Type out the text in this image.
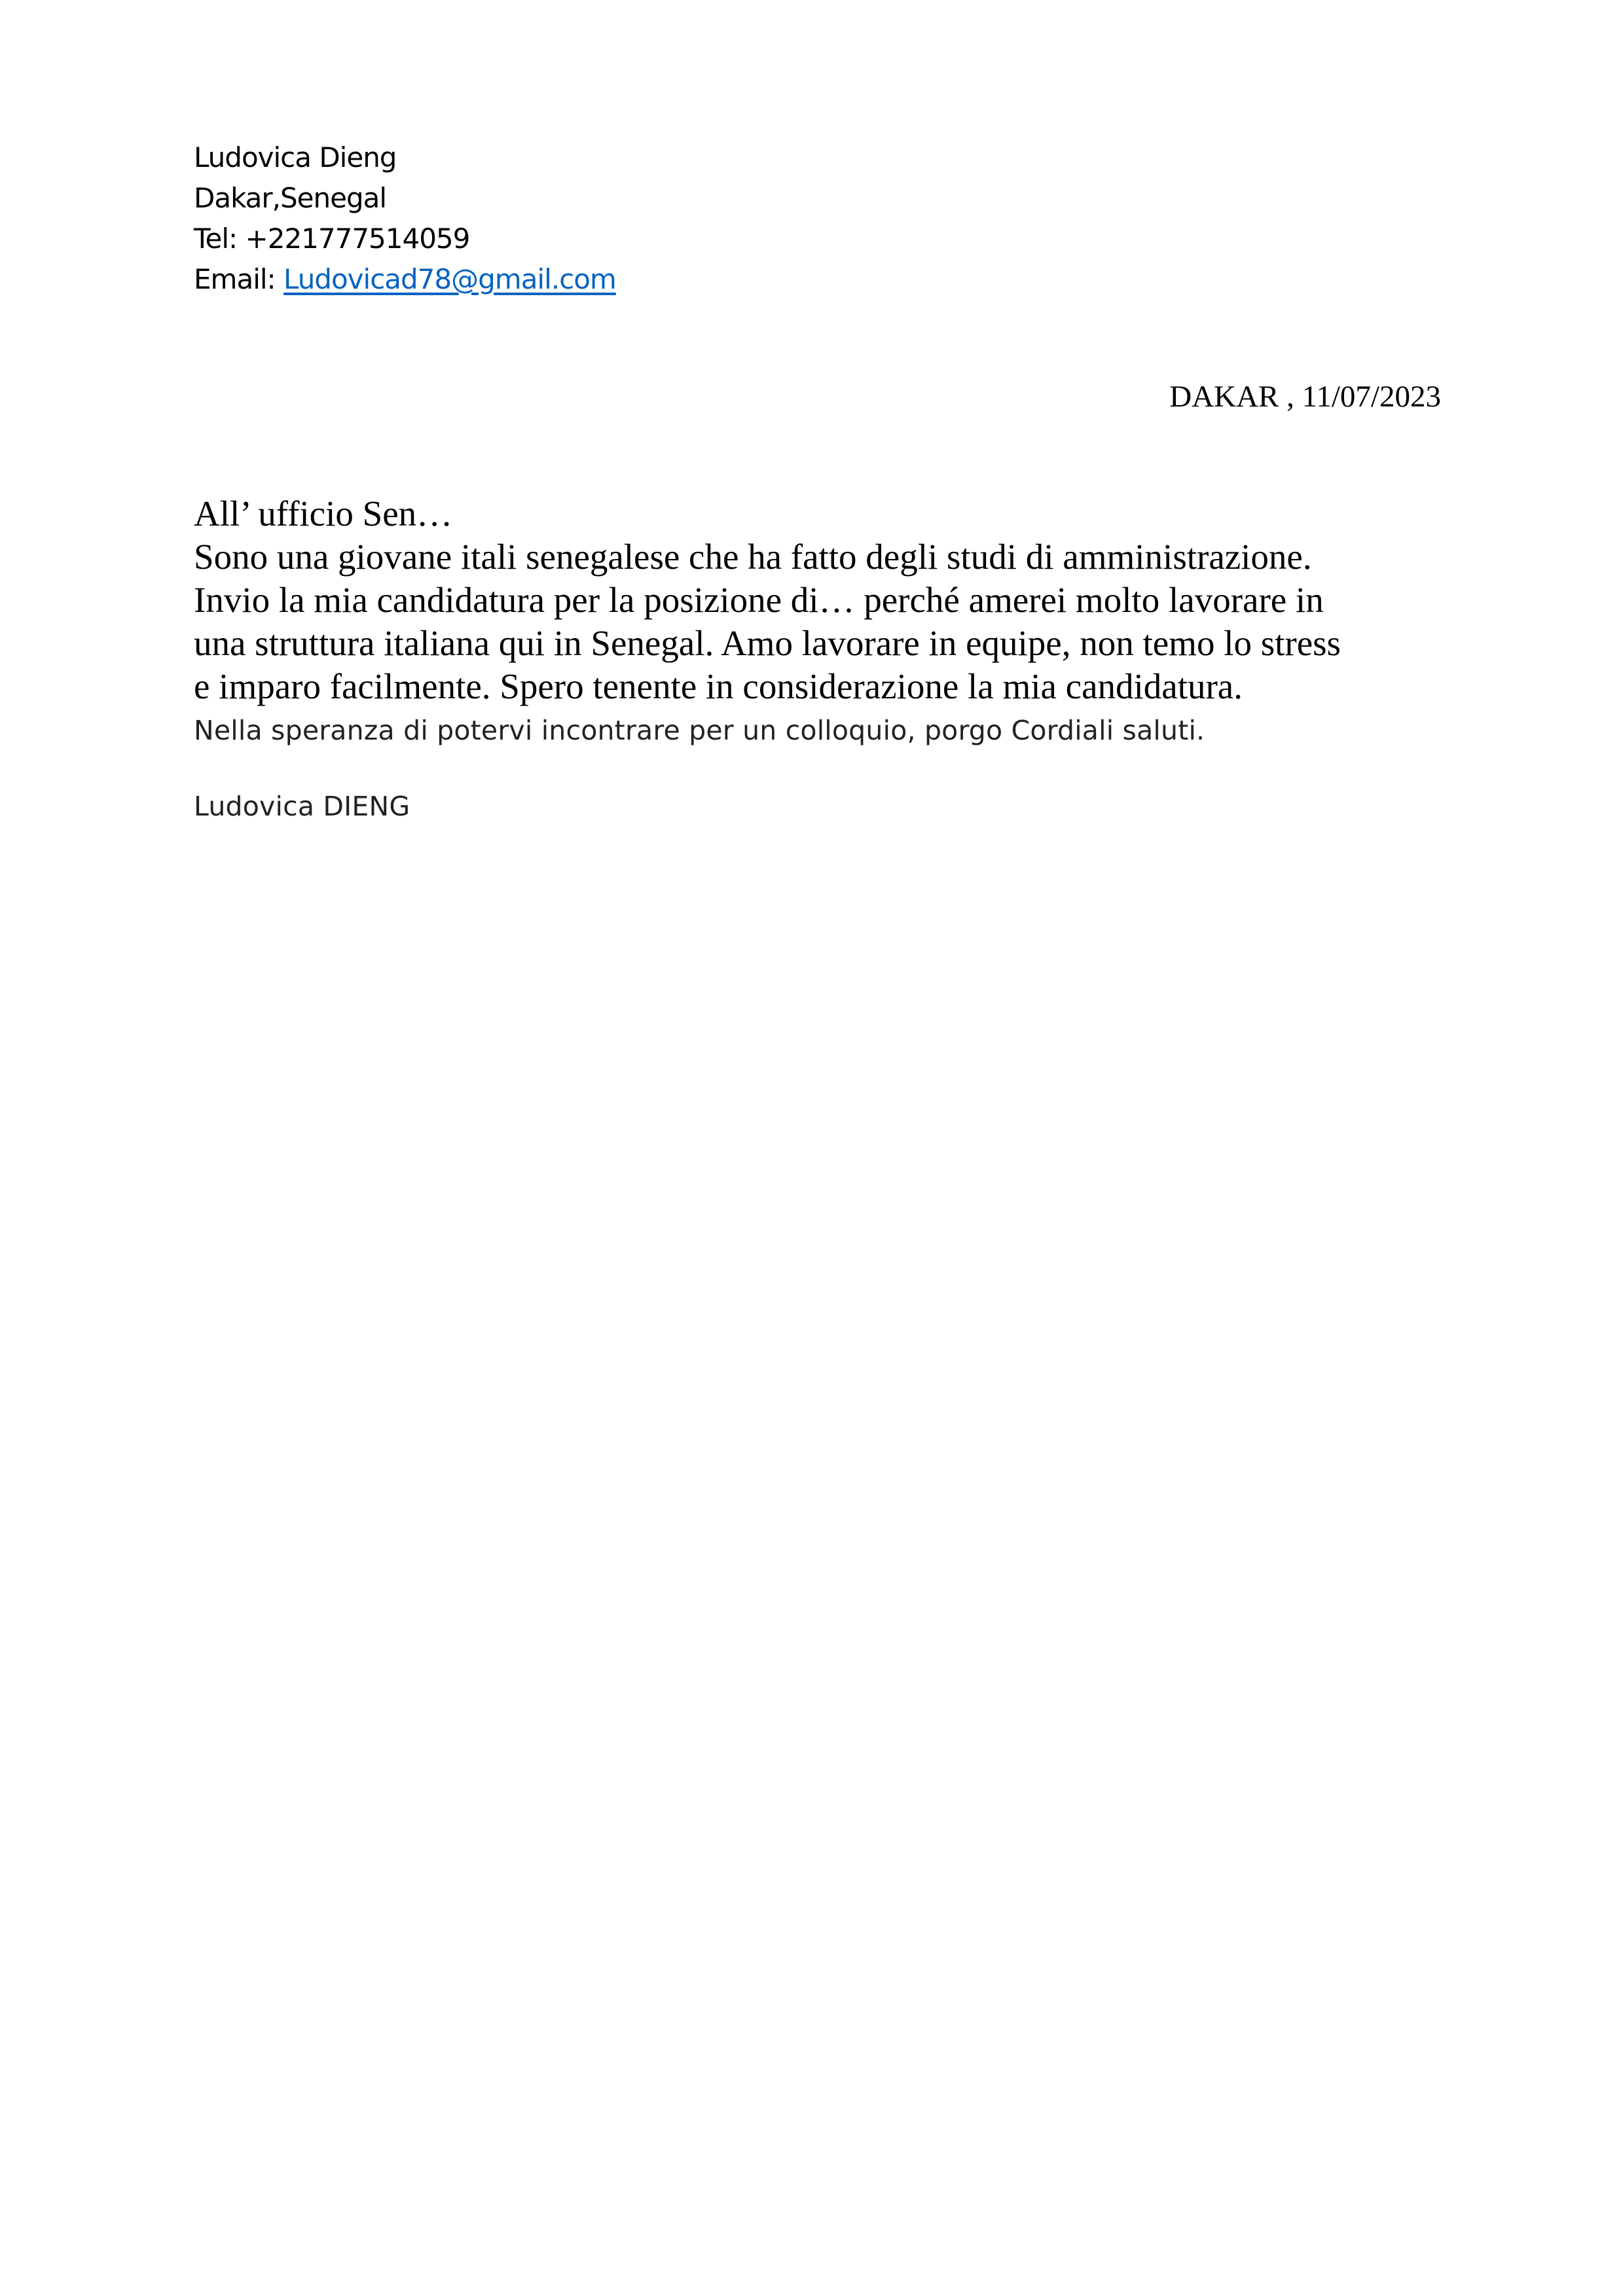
Ludovica Dieng
Dakar,Senegal
Tel: +221777514059
Email: Ludovicad78@gmail.com
DAKAR , 11/07/2023
All’ ufficio Sen…
Sono una giovane itali senegalese che ha fatto degli studi di amministrazione.
Invio la mia candidatura per la posizione di… perché amerei molto lavorare in
una struttura italiana qui in Senegal. Amo lavorare in equipe, non temo lo stress
e imparo facilmente. Spero tenente in considerazione la mia candidatura.
Nella speranza di potervi incontrare per un colloquio, porgo Cordiali saluti.
Ludovica DIENG
